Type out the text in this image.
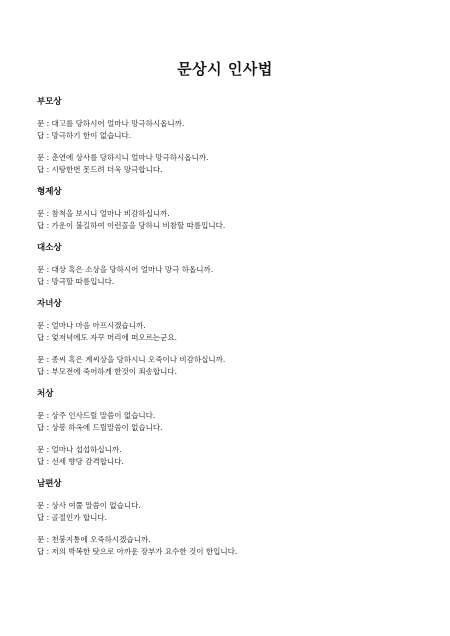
문상시 인사법
부모상
문 : 대고를 당하시어 얼마나 망극하시옵니까.
답 : 망극하기 한이 없습니다.
문 : 춘연에 상사를 당하시니 얼마나 망극하시옵니까.
답 : 시탕한번 못드려 더욱 망극합니다.
형제상
문 : 참척을 보시니 얼마나 비감하십니까.
답 : 가운이 불길하여 이런꼴을 당하니 비참할 따름입니다.
대소상
문 : 대상 혹은 소상을 당하시어 얼마나 망극 하옵니까.
답 : 망극할 따름입니다.
자녀상
문 : 얼마나 마음 아프시겠습니까.
답 : 엊저녁에도 자꾸 머리에 떠오르는군요.
문 : 종씨 혹은 계씨상을 당하시니 오죽이나 비감하십니까.
답 : 부모전에 죽어하게 한것이 죄송합니다.
처상
문 : 상주 인사드릴 말씀이 없습니다.
답 : 상봉 하옥에 드릴말씀이 없습니다.
문 : 얼마나 섭섭하십니까.
답 : 선세 향당 감격합니다.
남편상
문 : 상사 여쭐 말씀이 없습니다.
답 : 골절인가 합니다.
문 : 천붕지통에 오죽하시겠습니까.
답 : 저의 박복한 탓으로 아까운 장부가 요수한 것이 한입니다.
